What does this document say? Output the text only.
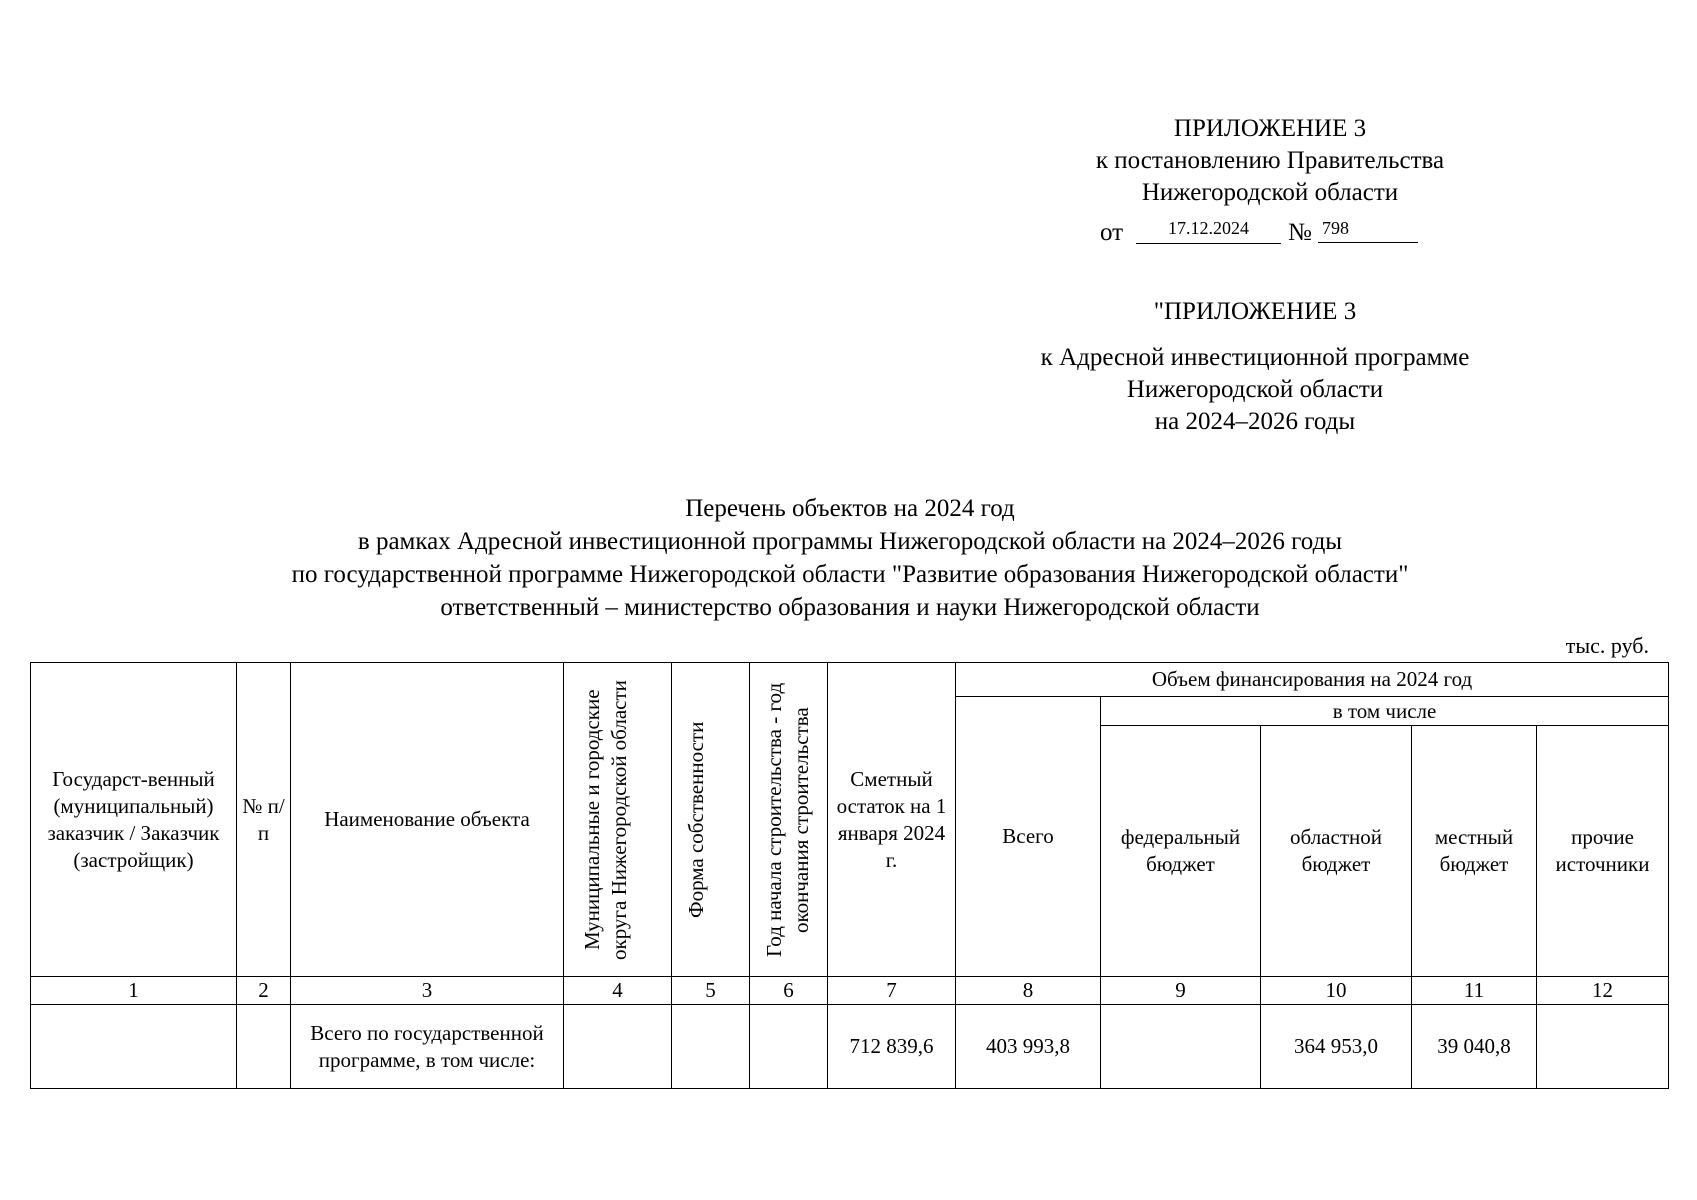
ПРИЛОЖЕНИЕ 3
к постановлению Правительства
Нижегородской области
от	17.12.2024	№ 798
"ПРИЛОЖЕНИЕ 3
к Адресной инвестиционной программе
Нижегородской области
на 2024–2026 годы
Перечень объектов на 2024 год
в рамках Адресной инвестиционной программы Нижегородской области на 2024–2026 годы
по государственной программе Нижегородской области "Развитие образования Нижегородской области"
ответственный – министерство образования и науки Нижегородской области
тыс. руб.
Государст-венный (муниципальный) заказчик / Заказчик (застройщик)	№ п/п	Наименование объекта	Муниципальные и городские округа Нижегородской области	Форма собственности	Год начала строительства - год окончания строительства	Сметный остаток на 1 января 2024 г.	Объем финансирования на 2024 год				
							Всего	в том числе			
								федеральный бюджет	областной бюджет	местный бюджет	прочие источники
1	2	3	4	5	6	7	8	9	10	11	12
		Всего по государственной программе, в том числе:				712 839,6	403 993,8		364 953,0	39 040,8	
